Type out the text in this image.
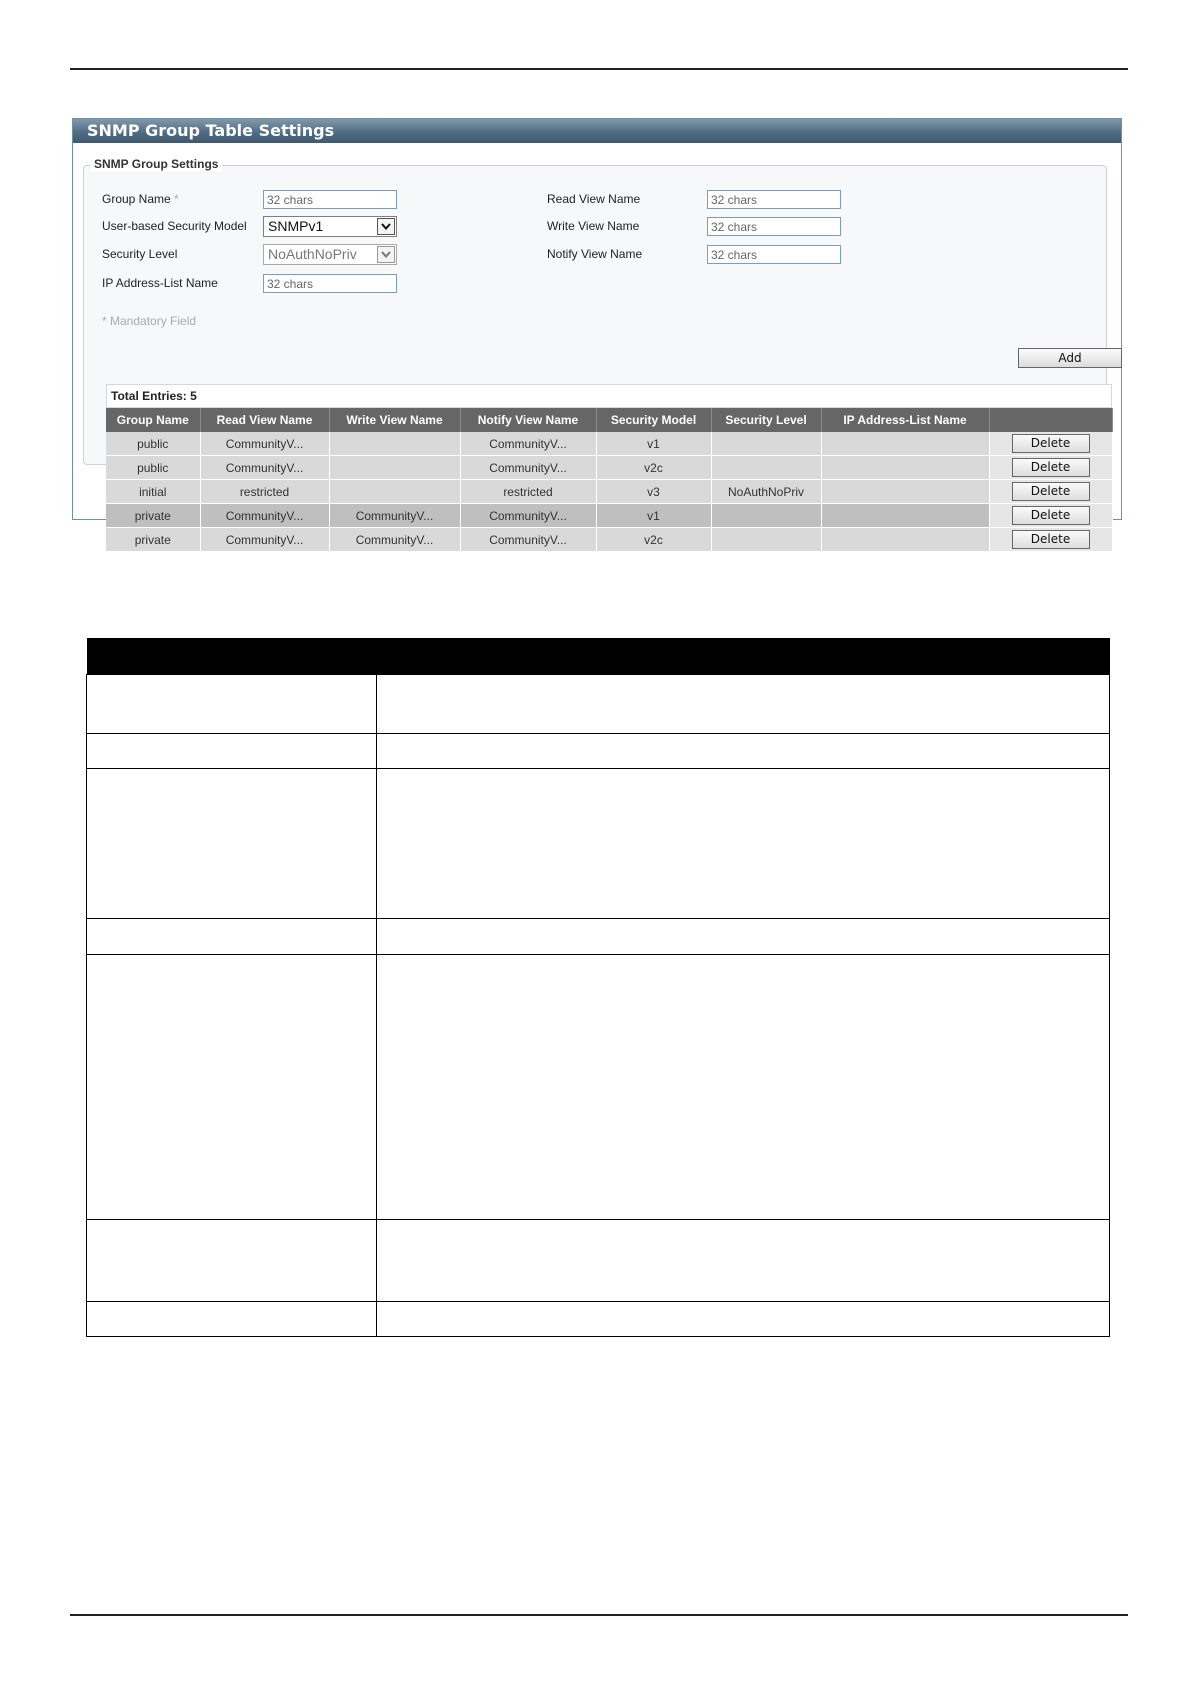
SNMP Group Table Settings
SNMP Group Settings
Group Name *
32 chars
User-based Security Model	SNMPv1
Security Level	NoAuthNoPriv
IP Address-List Name
32 chars
Read View Name
32 chars
Write View Name
32 chars
Notify View Name
32 chars
* Mandatory Field
Add
Total Entries: 5
Group Name	Read View Name	Write View Name	Notify View Name	Security Model	Security Level	IP Address-List Name	
public	CommunityV...		CommunityV...	v1			Delete
public	CommunityV...		CommunityV...	v2c			Delete
initial	restricted		restricted	v3	NoAuthNoPriv		Delete
private	CommunityV...	CommunityV...	CommunityV...	v1			Delete
private	CommunityV...	CommunityV...	CommunityV...	v2c			Delete
